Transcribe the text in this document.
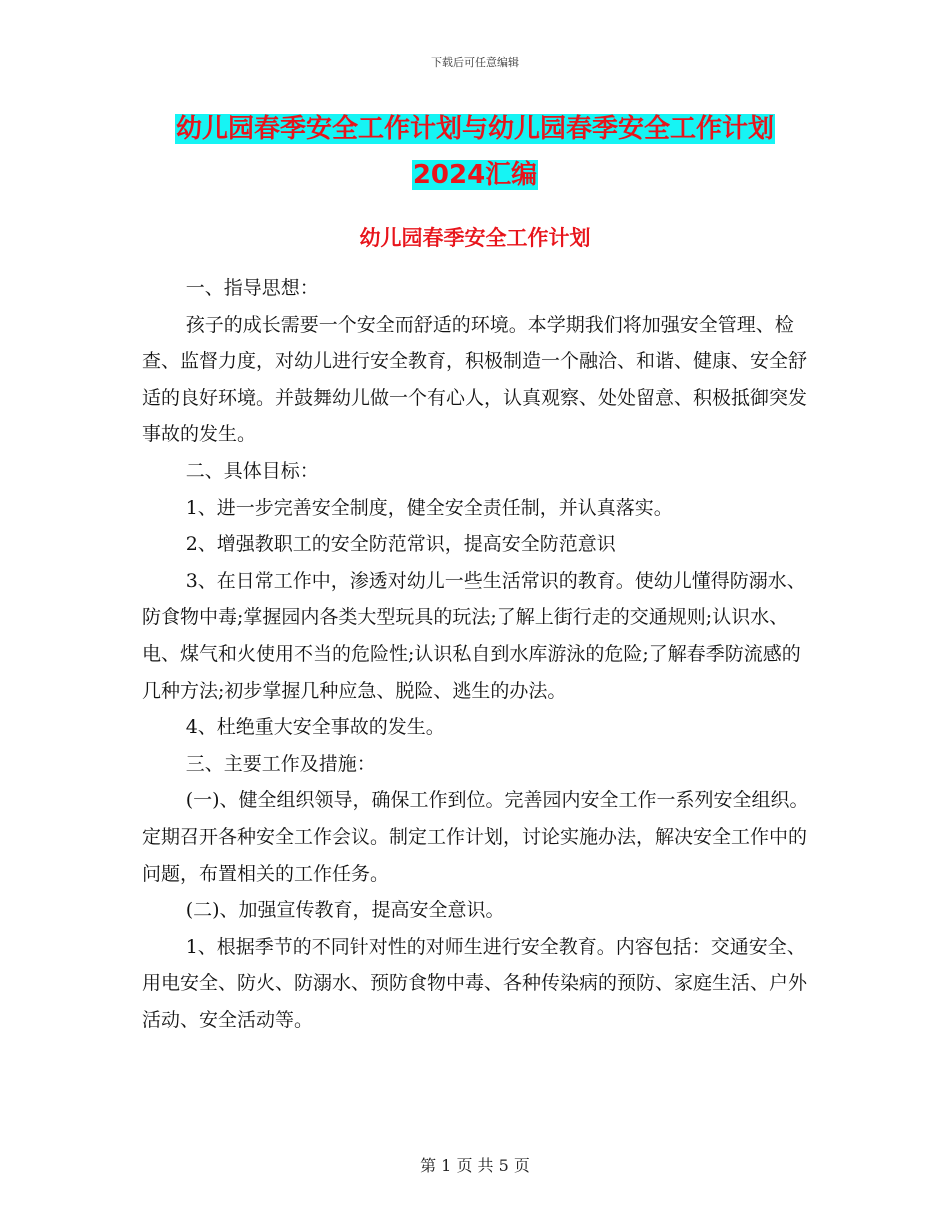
下载后可任意编辑
幼儿园春季安全工作计划与幼儿园春季安全工作计划
2024汇编
幼儿园春季安全工作计划

一、指导思想：

孩子的成长需要一个安全而舒适的环境。本学期我们将加强安全管理、检查、监督力度，对幼儿进行安全教育，积极制造一个融洽、和谐、健康、安全舒适的良好环境。并鼓舞幼儿做一个有心人，认真观察、处处留意、积极抵御突发事故的发生。

二、具体目标：

1、进一步完善安全制度，健全安全责任制，并认真落实。

2、增强教职工的安全防范常识，提高安全防范意识

3、在日常工作中，渗透对幼儿一些生活常识的教育。使幼儿懂得防溺水、防食物中毒;掌握园内各类大型玩具的玩法;了解上街行走的交通规则;认识水、电、煤气和火使用不当的危险性;认识私自到水库游泳的危险;了解春季防流感的几种方法;初步掌握几种应急、脱险、逃生的办法。

4、杜绝重大安全事故的发生。

三、主要工作及措施：

(一)、健全组织领导，确保工作到位。完善园内安全工作一系列安全组织。定期召开各种安全工作会议。制定工作计划，讨论实施办法，解决安全工作中的问题，布置相关的工作任务。

(二)、加强宣传教育，提高安全意识。

1、根据季节的不同针对性的对师生进行安全教育。内容包括：交通安全、用电安全、防火、防溺水、预防食物中毒、各种传染病的预防、家庭生活、户外活动、安全活动等。

第 1 页 共 5 页
